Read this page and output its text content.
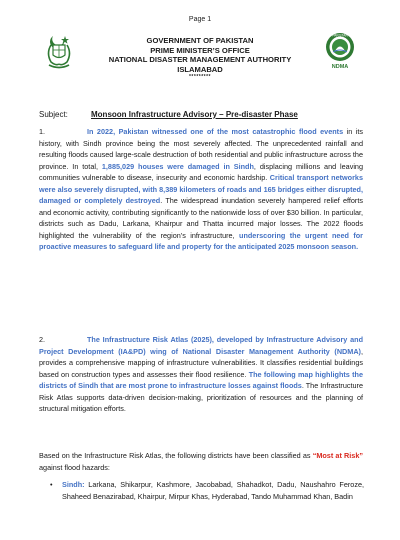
Page 1
PAKISTAN
NDMA
GOVERNMENT OF PAKISTAN
PRIME MINISTER’S OFFICE
NATIONAL DISASTER MANAGEMENT AUTHORITY
ISLAMABAD
*********
Subject:	Monsoon Infrastructure Advisory – Pre-disaster Phase
1.	In 2022, Pakistan witnessed one of the most catastrophic flood events in its history, with Sindh province being the most severely affected. The unprecedented rainfall and resulting floods caused large-scale destruction of both residential and public infrastructure across the province. In total, 1,885,029 houses were damaged in Sindh, displacing millions and leaving communities vulnerable to disease, insecurity and economic hardship. Critical transport networks were also severely disrupted, with 8,389 kilometers of roads and 165 bridges either disrupted, damaged or completely destroyed. The widespread inundation severely hampered relief efforts and economic activity, contributing significantly to the nationwide loss of over $30 billion. In particular, districts such as Dadu, Larkana, Khairpur and Thatta incurred major losses. The 2022 floods highlighted the vulnerability of the region’s infrastructure, underscoring the urgent need for proactive measures to safeguard life and property for the anticipated 2025 monsoon season.
2.	The Infrastructure Risk Atlas (2025), developed by Infrastructure Advisory and Project Development (IA&PD) wing of National Disaster Management Authority (NDMA), provides a comprehensive mapping of infrastructure vulnerabilities. It classifies residential buildings based on construction types and assesses their flood resilience. The following map highlights the districts of Sindh that are most prone to infrastructure losses against floods. The Infrastructure Risk Atlas supports data-driven decision-making, prioritization of resources and the planning of structural mitigation efforts.
Based on the Infrastructure Risk Atlas, the following districts have been classified as “Most at Risk” against flood hazards:
• Sindh: Larkana, Shikarpur, Kashmore, Jacobabad, Shahadkot, Dadu, Naushahro Feroze, Shaheed Benazirabad, Khairpur, Mirpur Khas, Hyderabad, Tando Muhammad Khan, Badin
